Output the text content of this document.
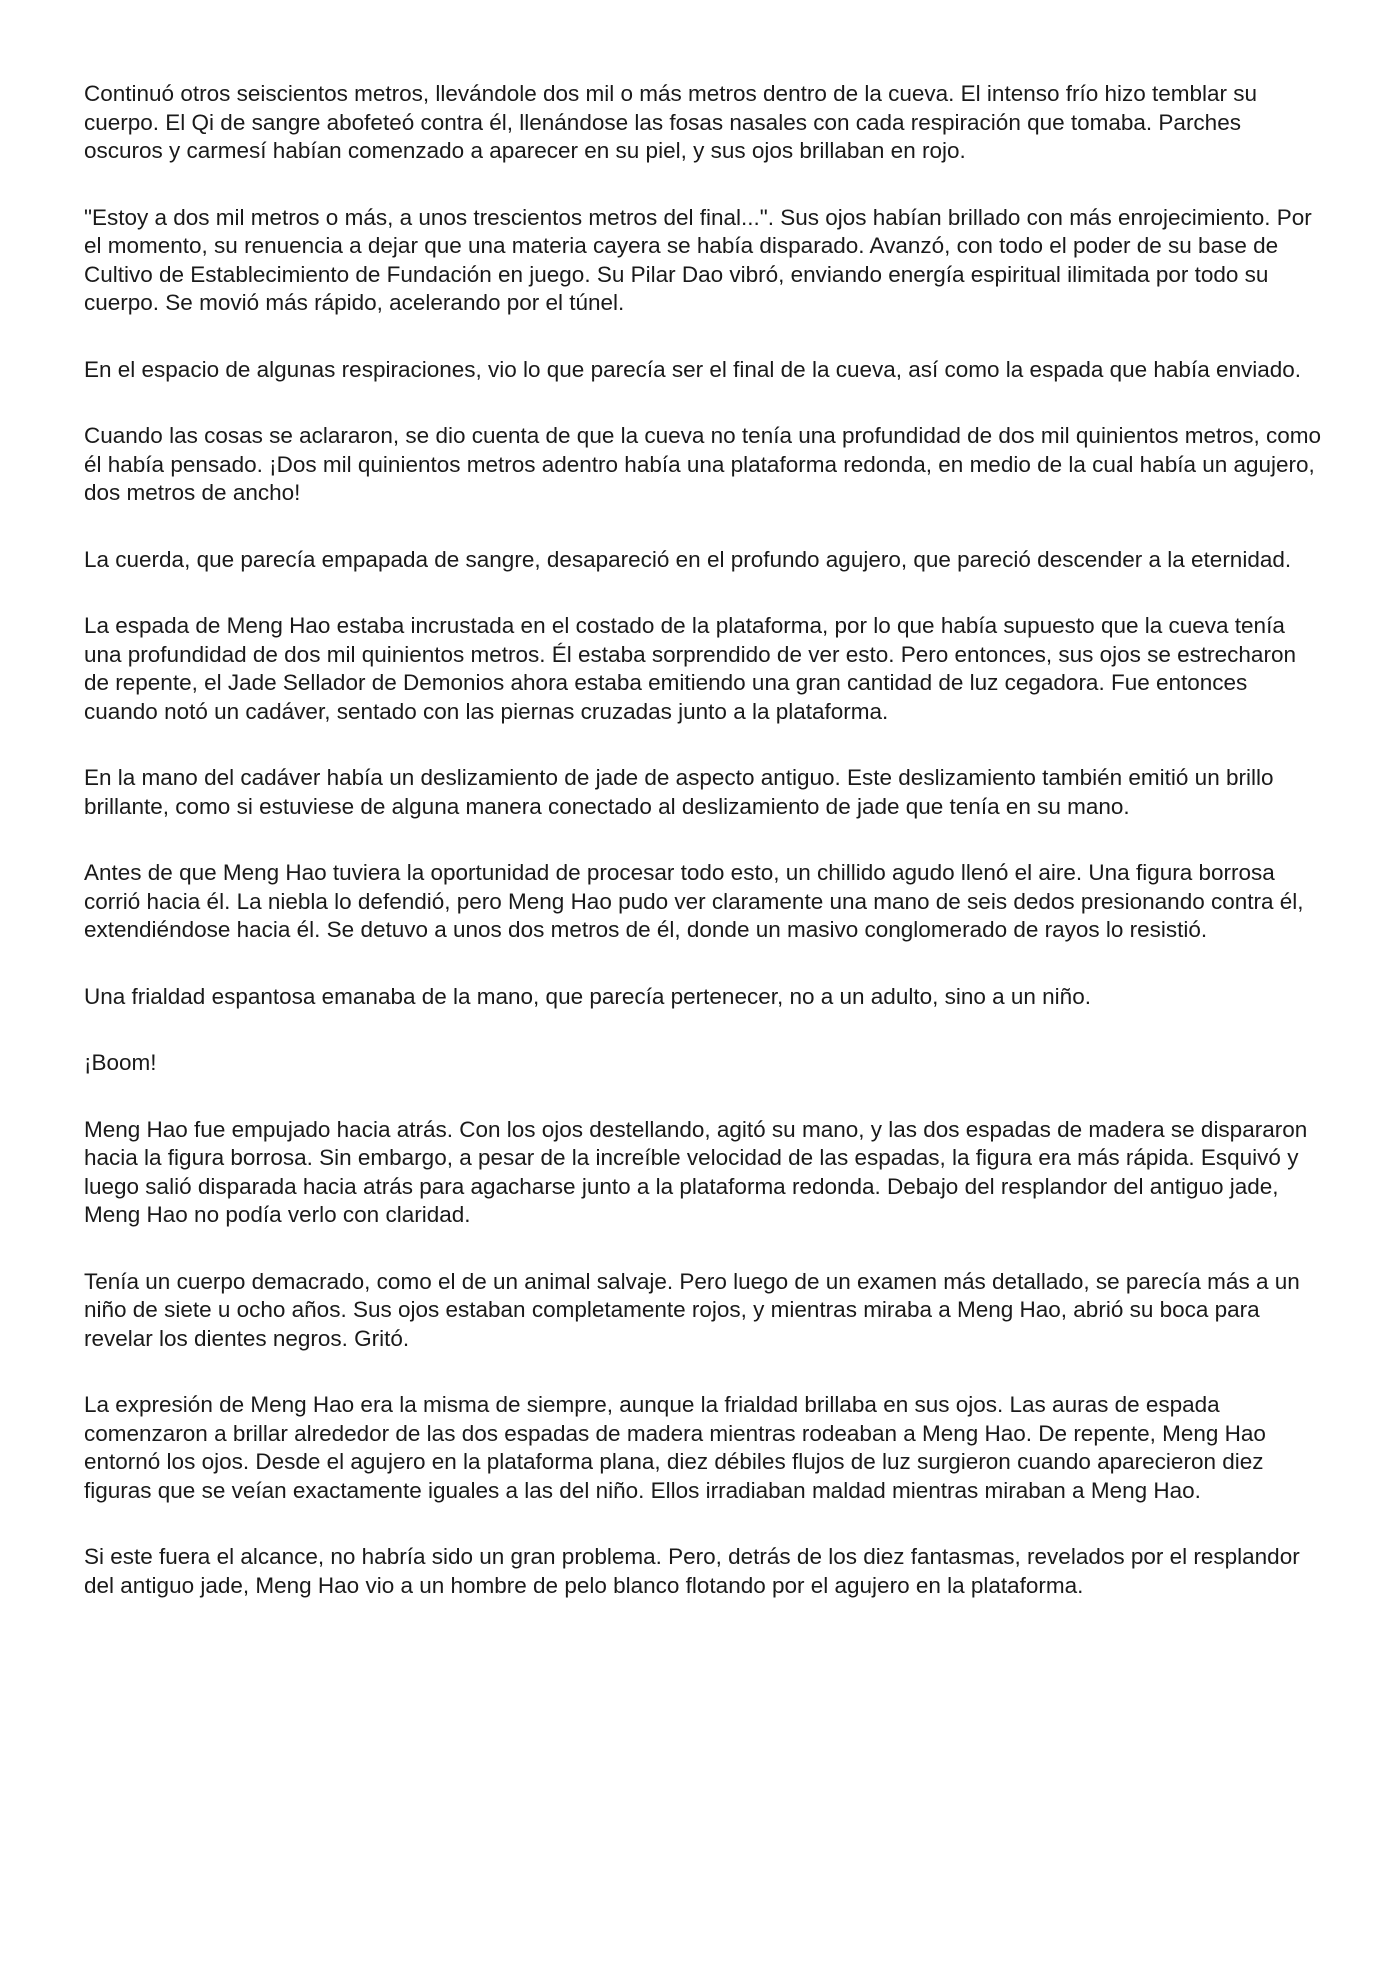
Continuó otros seiscientos metros, llevándole dos mil o más metros dentro de la cueva. El intenso frío hizo temblar su cuerpo. El Qi de sangre abofeteó contra él, llenándose las fosas nasales con cada respiración que tomaba. Parches oscuros y carmesí habían comenzado a aparecer en su piel, y sus ojos brillaban en rojo.

"Estoy a dos mil metros o más, a unos trescientos metros del final...". Sus ojos habían brillado con más enrojecimiento. Por el momento, su renuencia a dejar que una materia cayera se había disparado. Avanzó, con todo el poder de su base de Cultivo de Establecimiento de Fundación en juego. Su Pilar Dao vibró, enviando energía espiritual ilimitada por todo su cuerpo. Se movió más rápido, acelerando por el túnel.

En el espacio de algunas respiraciones, vio lo que parecía ser el final de la cueva, así como la espada que había enviado.

Cuando las cosas se aclararon, se dio cuenta de que la cueva no tenía una profundidad de dos mil quinientos metros, como él había pensado. ¡Dos mil quinientos metros adentro había una plataforma redonda, en medio de la cual había un agujero, dos metros de ancho!

La cuerda, que parecía empapada de sangre, desapareció en el profundo agujero, que pareció descender a la eternidad.

La espada de Meng Hao estaba incrustada en el costado de la plataforma, por lo que había supuesto que la cueva tenía una profundidad de dos mil quinientos metros. Él estaba sorprendido de ver esto. Pero entonces, sus ojos se estrecharon de repente, el Jade Sellador de Demonios ahora estaba emitiendo una gran cantidad de luz cegadora. Fue entonces cuando notó un cadáver, sentado con las piernas cruzadas junto a la plataforma.

En la mano del cadáver había un deslizamiento de jade de aspecto antiguo. Este deslizamiento también emitió un brillo brillante, como si estuviese de alguna manera conectado al deslizamiento de jade que tenía en su mano.

Antes de que Meng Hao tuviera la oportunidad de procesar todo esto, un chillido agudo llenó el aire. Una figura borrosa corrió hacia él. La niebla lo defendió, pero Meng Hao pudo ver claramente una mano de seis dedos presionando contra él, extendiéndose hacia él. Se detuvo a unos dos metros de él, donde un masivo conglomerado de rayos lo resistió.

Una frialdad espantosa emanaba de la mano, que parecía pertenecer, no a un adulto, sino a un niño.

¡Boom!

Meng Hao fue empujado hacia atrás. Con los ojos destellando, agitó su mano, y las dos espadas de madera se dispararon hacia la figura borrosa. Sin embargo, a pesar de la increíble velocidad de las espadas, la figura era más rápida. Esquivó y luego salió disparada hacia atrás para agacharse junto a la plataforma redonda. Debajo del resplandor del antiguo jade, Meng Hao no podía verlo con claridad.

Tenía un cuerpo demacrado, como el de un animal salvaje. Pero luego de un examen más detallado, se parecía más a un niño de siete u ocho años. Sus ojos estaban completamente rojos, y mientras miraba a Meng Hao, abrió su boca para revelar los dientes negros. Gritó.

La expresión de Meng Hao era la misma de siempre, aunque la frialdad brillaba en sus ojos. Las auras de espada comenzaron a brillar alrededor de las dos espadas de madera mientras rodeaban a Meng Hao. De repente, Meng Hao entornó los ojos. Desde el agujero en la plataforma plana, diez débiles flujos de luz surgieron cuando aparecieron diez figuras que se veían exactamente iguales a las del niño. Ellos irradiaban maldad mientras miraban a Meng Hao.

Si este fuera el alcance, no habría sido un gran problema. Pero, detrás de los diez fantasmas, revelados por el resplandor del antiguo jade, Meng Hao vio a un hombre de pelo blanco flotando por el agujero en la plataforma.
